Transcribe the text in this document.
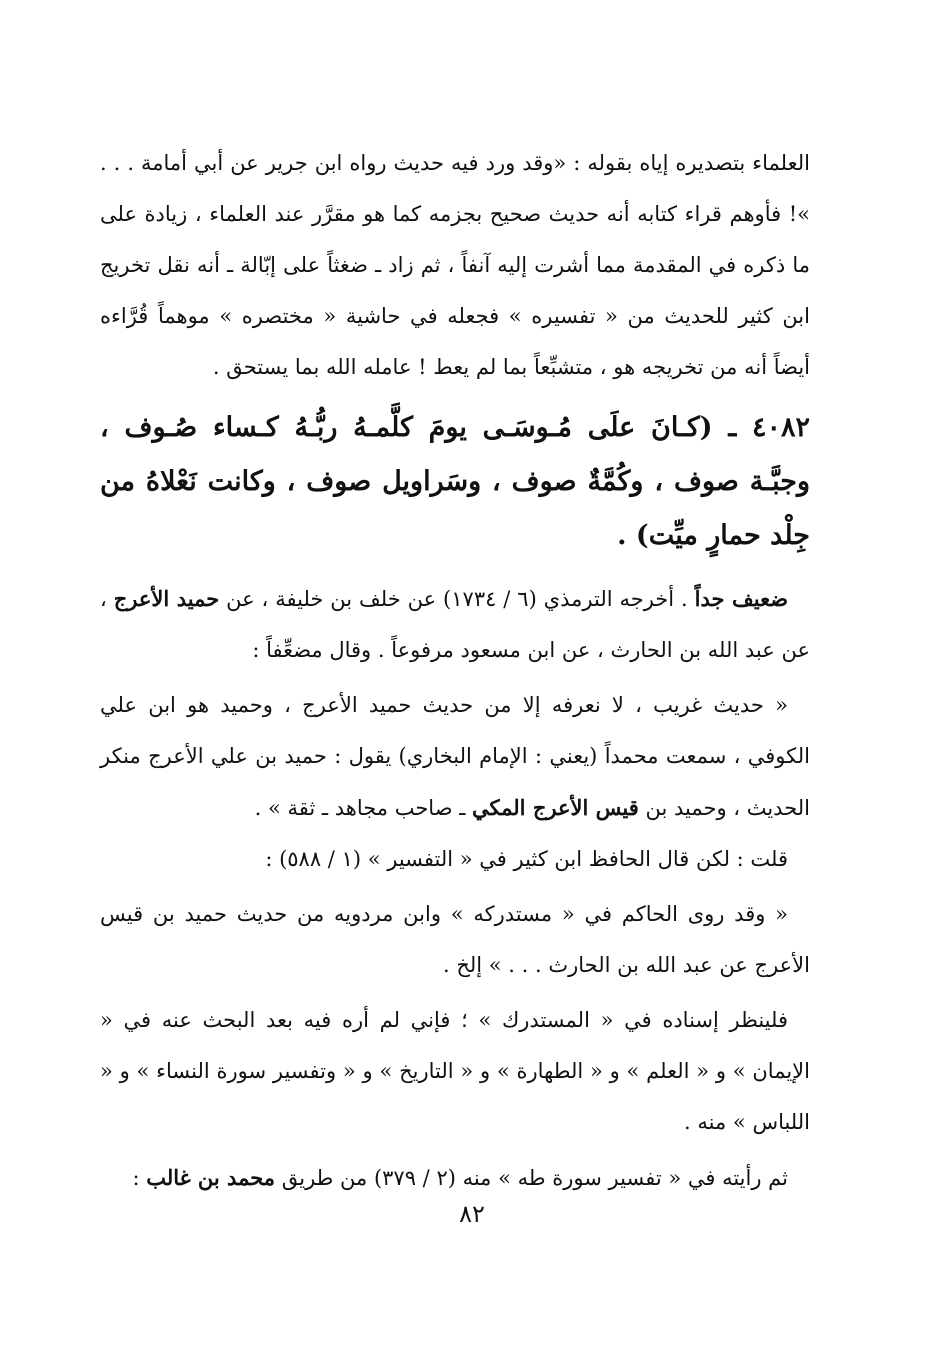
العلماء بتصديره إياه بقوله : «وقد ورد فيه حديث رواه ابن جرير عن أبي أمامة . . . »! فأوهم قراء كتابه أنه حديث صحيح بجزمه كما هو مقرَّر عند العلماء ، زيادة على ما ذكره في المقدمة مما أشرت إليه آنفاً ، ثم زاد ـ ضغثاً على إبّالة ـ أنه نقل تخريج ابن كثير للحديث من « تفسيره » فجعله في حاشية « مختصره » موهماً قُرَّاءه أيضاً أنه من تخريجه هو ، متشبِّعاً بما لم يعط ! عامله الله بما يستحق .

٤٠٨٢ ـ (كـانَ علَى مُـوسَـى يومَ كلَّمـهُ ربُّـهُ كـساء صُـوف ، وجبَّـة صوف ، وكُمَّةٌ صوف ، وسَراويل صوف ، وكانت نَعْلاهُ من جِلْد حمارٍ ميِّت) .

ضعيف جداً . أخرجه الترمذي (٦ / ١٧٣٤) عن خلف بن خليفة ، عن حميد الأعرج ، عن عبد الله بن الحارث ، عن ابن مسعود مرفوعاً . وقال مضعِّفاً :

« حديث غريب ، لا نعرفه إلا من حديث حميد الأعرج ، وحميد هو ابن علي الكوفي ، سمعت محمداً (يعني : الإمام البخاري) يقول : حميد بن علي الأعرج منكر الحديث ، وحميد بن قيس الأعرج المكي ـ صاحب مجاهد ـ ثقة » .

قلت : لكن قال الحافظ ابن كثير في « التفسير » (١ / ٥٨٨) :

« وقد روى الحاكم في « مستدركه » وابن مردويه من حديث حميد بن قيس الأعرج عن عبد الله بن الحارث . . . » إلخ .

فلينظر إسناده في « المستدرك » ؛ فإني لم أره فيه بعد البحث عنه في « الإيمان » و « العلم » و « الطهارة » و « التاريخ » و « وتفسير سورة النساء » و « اللباس » منه .

ثم رأيته في « تفسير سورة طه » منه (٢ / ٣٧٩) من طريق محمد بن غالب :

٨٢
